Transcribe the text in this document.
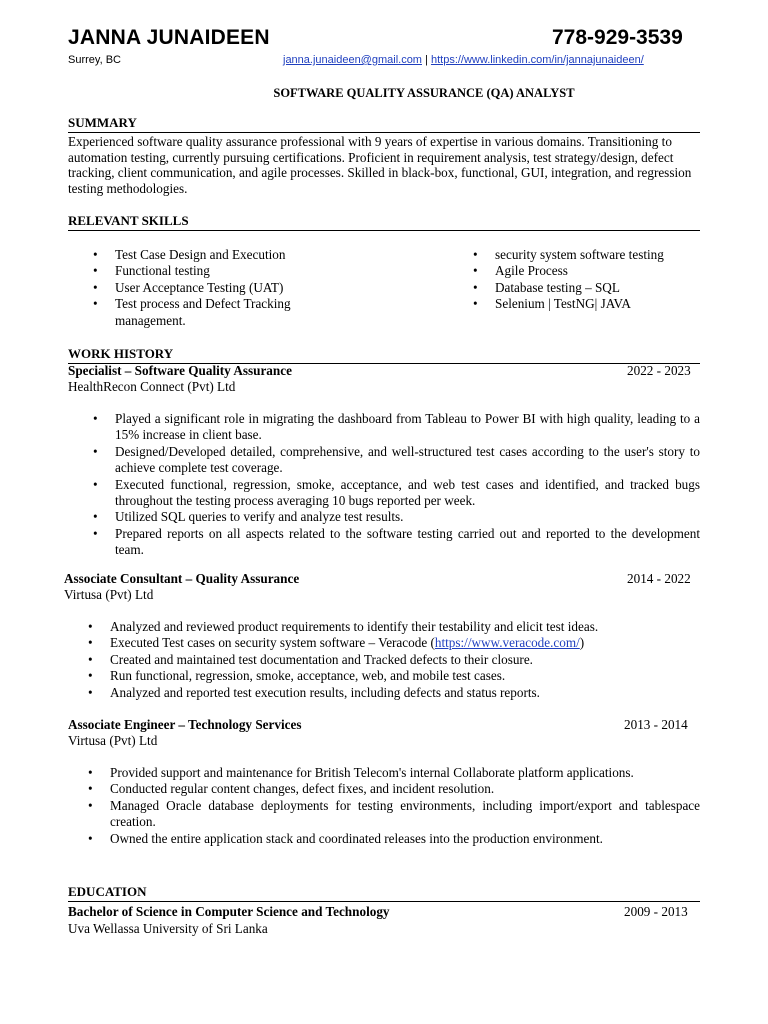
JANNA JUNAIDEEN	778-929-3539
Surrey, BC	janna.junaideen@gmail.com | https://www.linkedin.com/in/jannajunaideen/
SOFTWARE QUALITY ASSURANCE (QA) ANALYST
SUMMARY
Experienced software quality assurance professional with 9 years of expertise in various domains. Transitioning to automation testing, currently pursuing certifications. Proficient in requirement analysis, test strategy/design, defect tracking, client communication, and agile processes. Skilled in black-box, functional, GUI, integration, and regression testing methodologies.
RELEVANT SKILLS
• Test Case Design and Execution
• Functional testing
• User Acceptance Testing (UAT)
• Test process and Defect Tracking management.
• security system software testing
• Agile Process
• Database testing – SQL
• Selenium | TestNG| JAVA
WORK HISTORY
Specialist – Software Quality Assurance	2022 - 2023
HealthRecon Connect (Pvt) Ltd
• Played a significant role in migrating the dashboard from Tableau to Power BI with high quality, leading to a 15% increase in client base.
• Designed/Developed detailed, comprehensive, and well-structured test cases according to the user's story to achieve complete test coverage.
• Executed functional, regression, smoke, acceptance, and web test cases and identified, and tracked bugs throughout the testing process averaging 10 bugs reported per week.
• Utilized SQL queries to verify and analyze test results.
• Prepared reports on all aspects related to the software testing carried out and reported to the development team.
Associate Consultant – Quality Assurance	2014 - 2022
Virtusa (Pvt) Ltd
• Analyzed and reviewed product requirements to identify their testability and elicit test ideas.
• Executed Test cases on security system software – Veracode (https://www.veracode.com/)
• Created and maintained test documentation and Tracked defects to their closure.
• Run functional, regression, smoke, acceptance, web, and mobile test cases.
• Analyzed and reported test execution results, including defects and status reports.
Associate Engineer – Technology Services	2013 - 2014
Virtusa (Pvt) Ltd
• Provided support and maintenance for British Telecom's internal Collaborate platform applications.
• Conducted regular content changes, defect fixes, and incident resolution.
• Managed Oracle database deployments for testing environments, including import/export and tablespace creation.
• Owned the entire application stack and coordinated releases into the production environment.
EDUCATION
Bachelor of Science in Computer Science and Technology	2009 - 2013
Uva Wellassa University of Sri Lanka
